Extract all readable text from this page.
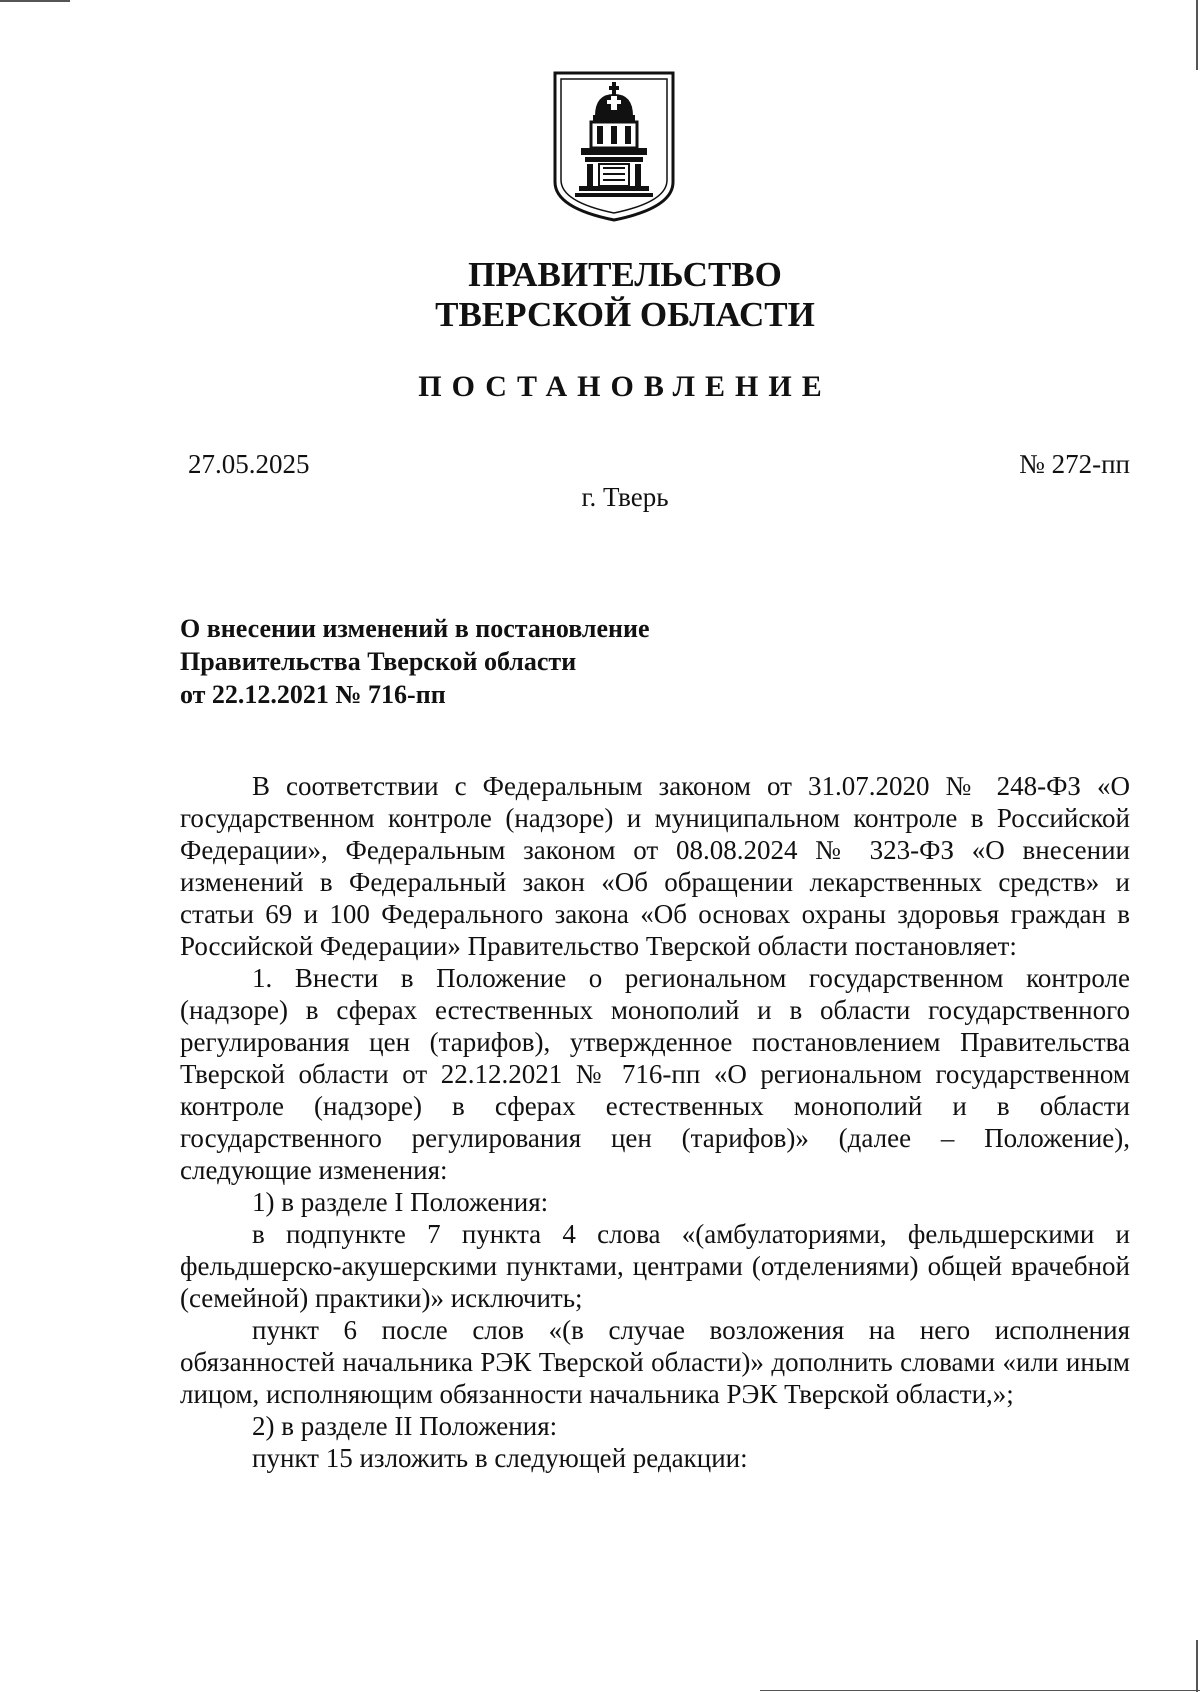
ПРАВИТЕЛЬСТВО
ТВЕРСКОЙ ОБЛАСТИ
ПОСТАНОВЛЕНИЕ
27.05.2025	№ 272-пп
г. Тверь
О внесении изменений в постановление
Правительства Тверской области
от 22.12.2021 № 716-пп

В соответствии с Федеральным законом от 31.07.2020 № 248-ФЗ «О государственном контроле (надзоре) и муниципальном контроле в Российской Федерации», Федеральным законом от 08.08.2024 № 323-ФЗ «О внесении изменений в Федеральный закон «Об обращении лекарственных средств» и статьи 69 и 100 Федерального закона «Об основах охраны здоровья граждан в Российской Федерации» Правительство Тверской области постановляет:

1. Внести в Положение о региональном государственном контроле (надзоре) в сферах естественных монополий и в области государственного регулирования цен (тарифов), утвержденное постановлением Правительства Тверской области от 22.12.2021 № 716-пп «О региональном государственном контроле (надзоре) в сферах естественных монополий и в области государственного регулирования цен (тарифов)» (далее – Положение), следующие изменения:

1) в разделе I Положения:

в подпункте 7 пункта 4 слова «(амбулаториями, фельдшерскими и фельдшерско-акушерскими пунктами, центрами (отделениями) общей врачебной (семейной) практики)» исключить;

пункт 6 после слов «(в случае возложения на него исполнения обязанностей начальника РЭК Тверской области)» дополнить словами «или иным лицом, исполняющим обязанности начальника РЭК Тверской области,»;

2) в разделе II Положения:

пункт 15 изложить в следующей редакции:
